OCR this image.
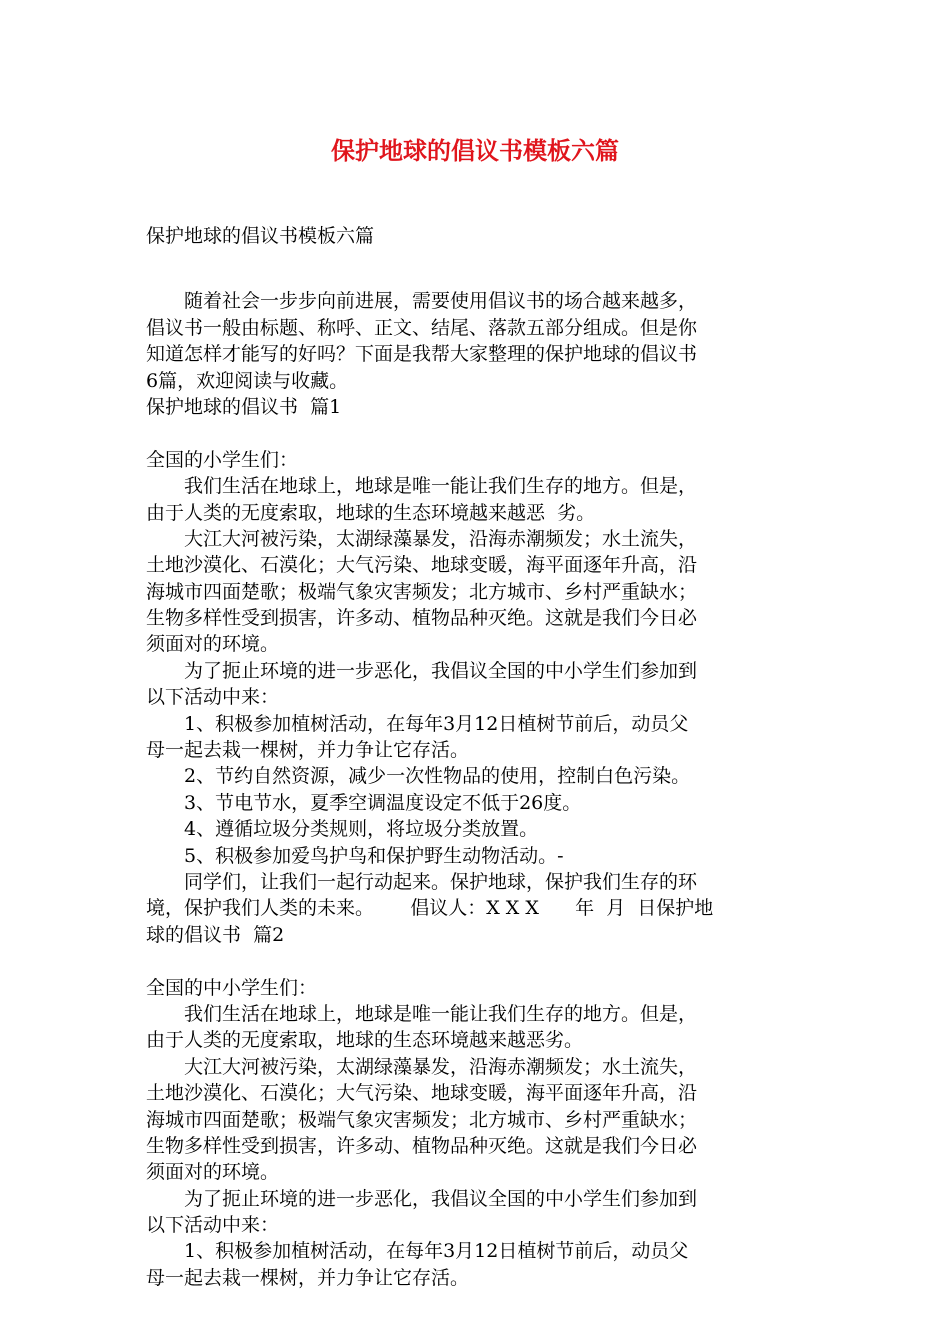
保护地球的倡议书模板六篇
保护地球的倡议书模板六篇
　　随着社会一步步向前进展，需要使用倡议书的场合越来越多，
倡议书一般由标题、称呼、正文、结尾、落款五部分组成。但是你
知道怎样才能写的好吗？下面是我帮大家整理的保护地球的倡议书
6篇，欢迎阅读与收藏。
保护地球的倡议书  篇1
全国的小学生们：
　　我们生活在地球上，地球是唯一能让我们生存的地方。但是，
由于人类的无度索取，地球的生态环境越来越恶  劣。
　　大江大河被污染，太湖绿藻暴发，沿海赤潮频发；水土流失，
土地沙漠化、石漠化；大气污染、地球变暖，海平面逐年升高，沿
海城市四面楚歌；极端气象灾害频发；北方城市、乡村严重缺水；
生物多样性受到损害，许多动、植物品种灭绝。这就是我们今日必
须面对的环境。
　　为了扼止环境的进一步恶化，我倡议全国的中小学生们参加到
以下活动中来：
　　1、积极参加植树活动，在每年3月12日植树节前后，动员父
母一起去栽一棵树，并力争让它存活。
　　2、节约自然资源，减少一次性物品的使用，控制白色污染。
　　3、节电节水，夏季空调温度设定不低于26度。
　　4、遵循垃圾分类规则，将垃圾分类放置。
　　5、积极参加爱鸟护鸟和保护野生动物活动。-
　　同学们，让我们一起行动起来。保护地球，保护我们生存的环
境，保护我们人类的未来。      倡议人：X X X      年  月  日保护地
球的倡议书  篇2
全国的中小学生们：
　　我们生活在地球上，地球是唯一能让我们生存的地方。但是，
由于人类的无度索取，地球的生态环境越来越恶劣。
　　大江大河被污染，太湖绿藻暴发，沿海赤潮频发；水土流失，
土地沙漠化、石漠化；大气污染、地球变暖，海平面逐年升高，沿
海城市四面楚歌；极端气象灾害频发；北方城市、乡村严重缺水；
生物多样性受到损害，许多动、植物品种灭绝。这就是我们今日必
须面对的环境。
　　为了扼止环境的进一步恶化，我倡议全国的中小学生们参加到
以下活动中来：
　　1、积极参加植树活动，在每年3月12日植树节前后，动员父
母一起去栽一棵树，并力争让它存活。
